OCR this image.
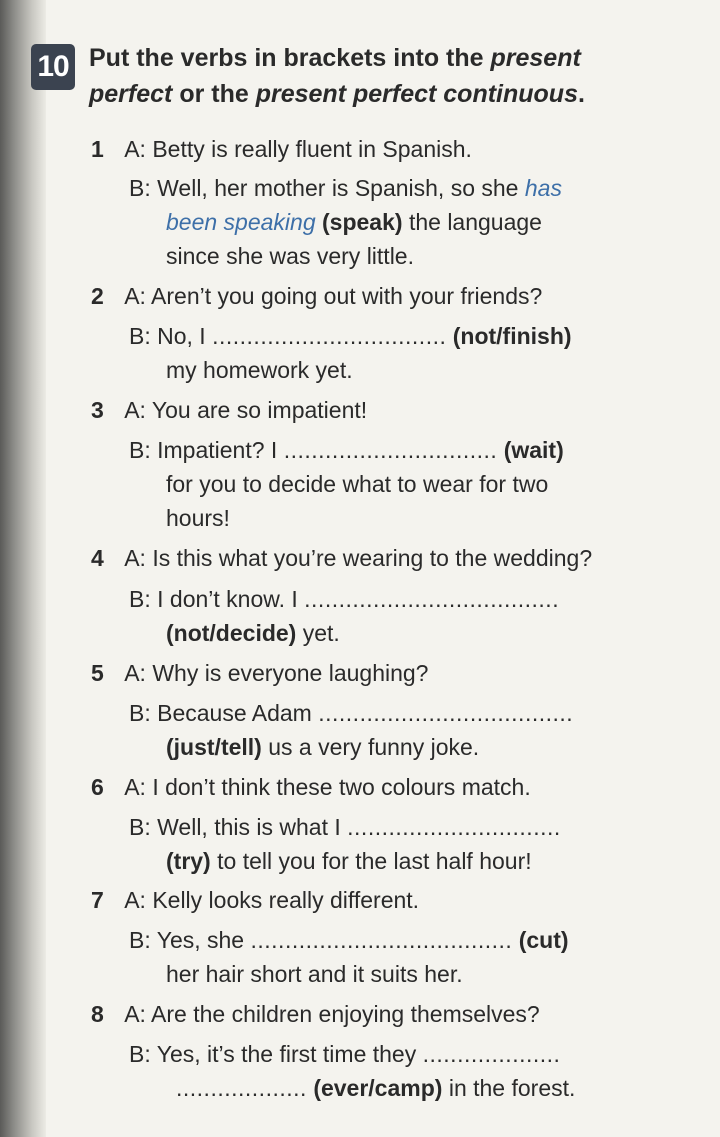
10 Put the verbs in brackets into the present perfect or the present perfect continuous.
1 A: Betty is really fluent in Spanish.
B: Well, her mother is Spanish, so she has
been speaking (speak) the language
since she was very little.
2 A: Aren’t you going out with your friends?
B: No, I .................................. (not/finish)
my homework yet.
3 A: You are so impatient!
B: Impatient? I ............................... (wait)
for you to decide what to wear for two
hours!
4 A: Is this what you’re wearing to the wedding?
B: I don’t know. I .....................................
(not/decide) yet.
5 A: Why is everyone laughing?
B: Because Adam .....................................
(just/tell) us a very funny joke.
6 A: I don’t think these two colours match.
B: Well, this is what I ...............................
(try) to tell you for the last half hour!
7 A: Kelly looks really different.
B: Yes, she ...................................... (cut)
her hair short and it suits her.
8 A: Are the children enjoying themselves?
B: Yes, it’s the first time they ....................
................... (ever/camp) in the forest.
